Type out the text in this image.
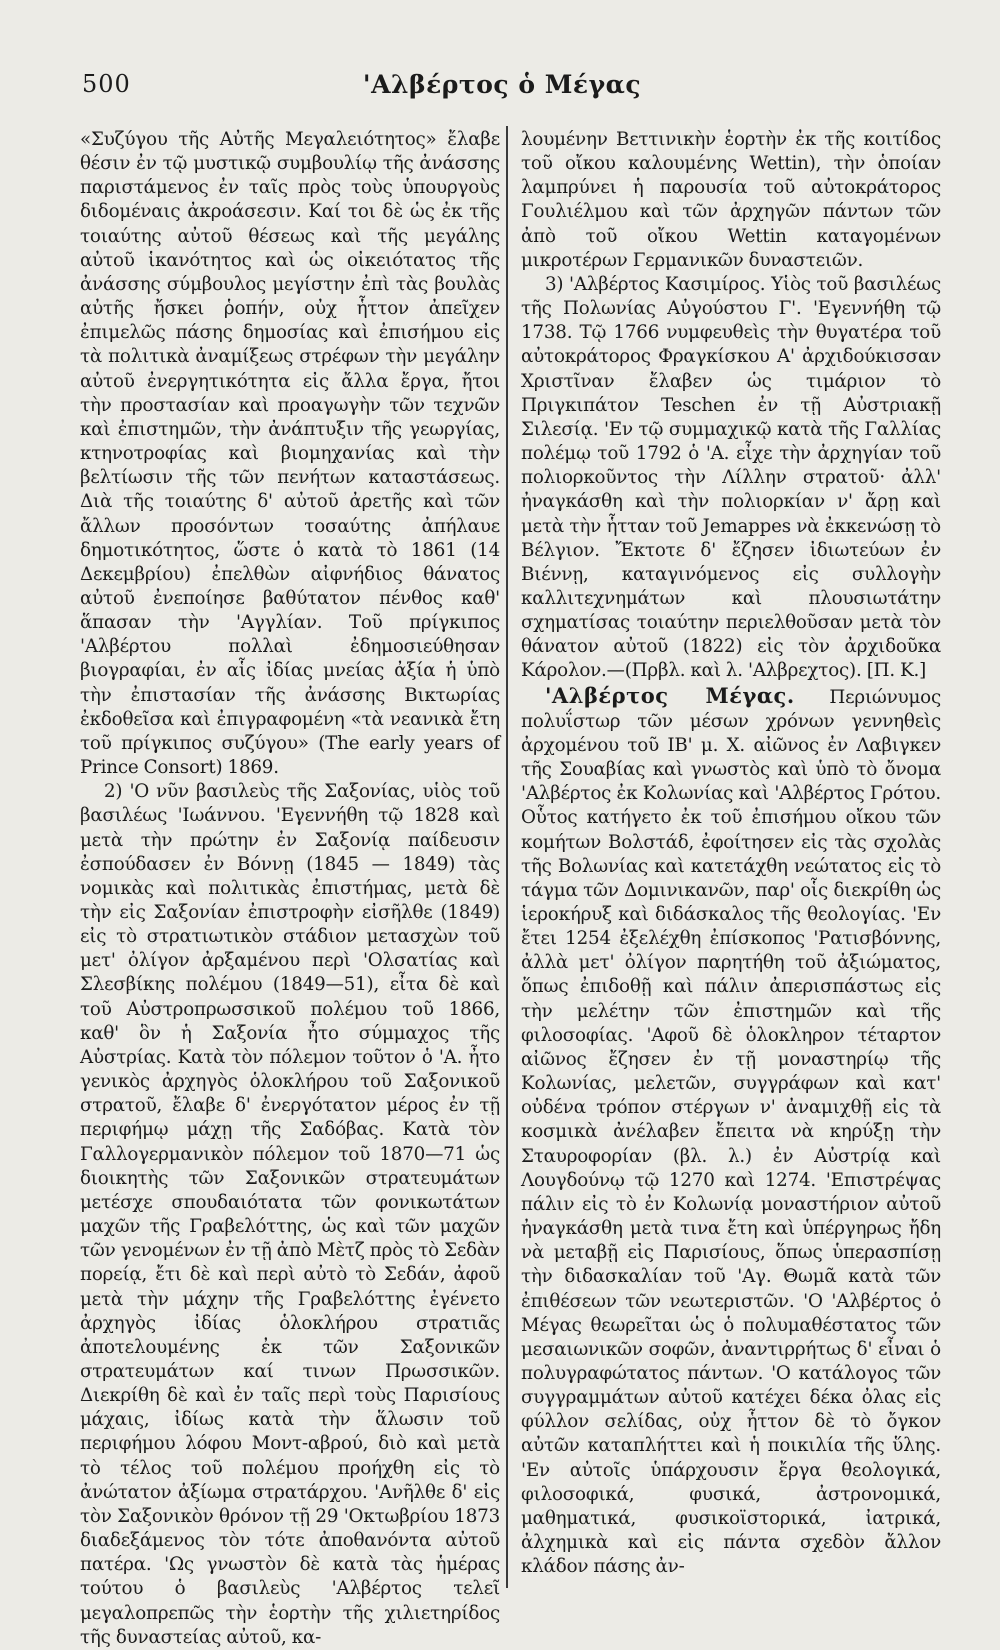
500	'Αλβέρτος ὁ Μέγας

«Συζύγου τῆς Αὐτῆς Μεγαλειότητος» ἔλαβε θέσιν ἐν τῷ μυστικῷ συμβουλίῳ τῆς ἀνάσσης παριστάμενος ἐν ταῖς πρὸς τοὺς ὑπουργοὺς διδομέναις ἀκροάσεσιν. Καί τοι δὲ ὡς ἐκ τῆς τοιαύτης αὐτοῦ θέσεως καὶ τῆς μεγάλης αὐτοῦ ἱκανότητος καὶ ὡς οἰκειότατος τῆς ἀνάσσης σύμβουλος μεγίστην ἐπὶ τὰς βουλὰς αὐτῆς ἤσκει ῥοπήν, οὐχ ἧττον ἀπεῖχεν ἐπιμελῶς πάσης δημοσίας καὶ ἐπισήμου εἰς τὰ πολιτικὰ ἀναμίξεως στρέφων τὴν μεγάλην αὐτοῦ ἐνεργητικότητα εἰς ἄλλα ἔργα, ἤτοι τὴν προστασίαν καὶ προαγωγὴν τῶν τεχνῶν καὶ ἐπιστημῶν, τὴν ἀνάπτυξιν τῆς γεωργίας, κτηνοτροφίας καὶ βιομηχανίας καὶ τὴν βελτίωσιν τῆς τῶν πενήτων καταστάσεως. Διὰ τῆς τοιαύτης δ' αὐτοῦ ἀρετῆς καὶ τῶν ἄλλων προσόντων τοσαύτης ἀπήλαυε δημοτικότητος, ὥστε ὁ κατὰ τὸ 1861 (14 Δεκεμβρίου) ἐπελθὼν αἰφνήδιος θάνατος αὐτοῦ ἐνεποίησε βαθύτατον πένθος καθ' ἅπασαν τὴν 'Αγγλίαν. Τοῦ πρίγκιπος 'Αλβέρτου πολλαὶ ἐδημοσιεύθησαν βιογραφίαι, ἐν αἷς ἰδίας μνείας ἀξία ἡ ὑπὸ τὴν ἐπιστασίαν τῆς ἀνάσσης Βικτωρίας ἐκδοθεῖσα καὶ ἐπιγραφομένη «τὰ νεανικὰ ἔτη τοῦ πρίγκιπος συζύγου» (The early years of Prince Consort) 1869.

2) 'Ο νῦν βασιλεὺς τῆς Σαξονίας, υἱὸς τοῦ βασιλέως 'Ιωάννου. 'Εγεννήθη τῷ 1828 καὶ μετὰ τὴν πρώτην ἐν Σαξονίᾳ παίδευσιν ἐσπούδασεν ἐν Βόννῃ (1845 — 1849) τὰς νομικὰς καὶ πολιτικὰς ἐπιστήμας, μετὰ δὲ τὴν εἰς Σαξονίαν ἐπιστροφὴν εἰσῆλθε (1849) εἰς τὸ στρατιωτικὸν στάδιον μετασχὼν τοῦ μετ' ὀλίγον ἀρξαμένου περὶ 'Ολσατίας καὶ Σλεσβίκης πολέμου (1849—51), εἶτα δὲ καὶ τοῦ Αὐστροπρωσσικοῦ πολέμου τοῦ 1866, καθ' ὃν ἡ Σαξονία ἦτο σύμμαχος τῆς Αὐστρίας. Κατὰ τὸν πόλεμον τοῦτον ὁ 'Α. ἦτο γενικὸς ἀρχηγὸς ὁλοκλήρου τοῦ Σαξονικοῦ στρατοῦ, ἔλαβε δ' ἐνεργότατον μέρος ἐν τῇ περιφήμῳ μάχῃ τῆς Σαδόβας. Κατὰ τὸν Γαλλογερμανικὸν πόλεμον τοῦ 1870—71 ὡς διοικητὴς τῶν Σαξονικῶν στρατευμάτων μετέσχε σπουδαιότατα τῶν φονικωτάτων μαχῶν τῆς Γραβελόττης, ὡς καὶ τῶν μαχῶν τῶν γενομένων ἐν τῇ ἀπὸ Μὲτζ πρὸς τὸ Σεδὰν πορείᾳ, ἔτι δὲ καὶ περὶ αὐτὸ τὸ Σεδάν, ἀφοῦ μετὰ τὴν μάχην τῆς Γραβελόττης ἐγένετο ἀρχηγὸς ἰδίας ὁλοκλήρου στρατιᾶς ἀποτελουμένης ἐκ τῶν Σαξονικῶν στρατευμάτων καί τινων Πρωσσικῶν. Διεκρίθη δὲ καὶ ἐν ταῖς περὶ τοὺς Παρισίους μάχαις, ἰδίως κατὰ τὴν ἅλωσιν τοῦ περιφήμου λόφου Μοντ-αβρού, διὸ καὶ μετὰ τὸ τέλος τοῦ πολέμου προήχθη εἰς τὸ ἀνώτατον ἀξίωμα στρατάρχου. 'Ανῆλθε δ' εἰς τὸν Σαξονικὸν θρόνον τῇ 29 'Οκτωβρίου 1873 διαδεξάμενος τὸν τότε ἀποθανόντα αὐτοῦ πατέρα. 'Ως γνωστὸν δὲ κατὰ τὰς ἡμέρας τούτου ὁ βασιλεὺς 'Αλβέρτος τελεῖ μεγαλοπρεπῶς τὴν ἑορτὴν τῆς χιλιετηρίδος τῆς δυναστείας αὐτοῦ, κα-

λουμένην Βεττινικὴν ἑορτὴν ἐκ τῆς κοιτίδος τοῦ οἴκου καλουμένης Wettin), τὴν ὁποίαν λαμπρύνει ἡ παρουσία τοῦ αὐτοκράτορος Γουλιέλμου καὶ τῶν ἀρχηγῶν πάντων τῶν ἀπὸ τοῦ οἴκου Wettin καταγομένων μικροτέρων Γερμανικῶν δυναστειῶν.

3) 'Αλβέρτος Κασιμίρος. Υἱὸς τοῦ βασιλέως τῆς Πολωνίας Αὐγούστου Γ'. 'Εγεννήθη τῷ 1738. Τῷ 1766 νυμφευθεὶς τὴν θυγατέρα τοῦ αὐτοκράτορος Φραγκίσκου Α' ἀρχιδούκισσαν Χριστῖναν ἔλαβεν ὡς τιμάριον τὸ Πριγκιπάτον Teschen ἐν τῇ Αὐστριακῇ Σιλεσίᾳ. 'Εν τῷ συμμαχικῷ κατὰ τῆς Γαλλίας πολέμῳ τοῦ 1792 ὁ 'Α. εἶχε τὴν ἀρχηγίαν τοῦ πολιορκοῦντος τὴν Λίλλην στρατοῦ· ἀλλ' ἠναγκάσθη καὶ τὴν πολιορκίαν ν' ἄρῃ καὶ μετὰ τὴν ἧτταν τοῦ Jemappes νὰ ἐκκενώσῃ τὸ Βέλγιον. Ἔκτοτε δ' ἔζησεν ἰδιωτεύων ἐν Βιέννῃ, καταγινόμενος εἰς συλλογὴν καλλιτεχνημάτων καὶ πλουσιωτάτην σχηματίσας τοιαύτην περιελθοῦσαν μετὰ τὸν θάνατον αὐτοῦ (1822) εἰς τὸν ἀρχιδοῦκα Κάρολον.—(Πρβλ. καὶ λ. 'Αλβρεχτος). [Π. Κ.]

'Αλβέρτος Μέγας. Περιώνυμος πολυΐστωρ τῶν μέσων χρόνων γεννηθεὶς ἀρχομένου τοῦ ΙΒ' μ. Χ. αἰῶνος ἐν Λαβιγκεν τῆς Σουαβίας καὶ γνωστὸς καὶ ὑπὸ τὸ ὄνομα 'Αλβέρτος ἐκ Κολωνίας καὶ 'Αλβέρτος Γρότου. Οὗτος κατήγετο ἐκ τοῦ ἐπισήμου οἴκου τῶν κομήτων Βολστάδ, ἐφοίτησεν εἰς τὰς σχολὰς τῆς Βολωνίας καὶ κατετάχθη νεώτατος εἰς τὸ τάγμα τῶν Δομινικανῶν, παρ' οἷς διεκρίθη ὡς ἱεροκήρυξ καὶ διδάσκαλος τῆς θεολογίας. 'Εν ἔτει 1254 ἐξελέχθη ἐπίσκοπος 'Ρατισβόννης, ἀλλὰ μετ' ὀλίγον παρητήθη τοῦ ἀξιώματος, ὅπως ἐπιδοθῇ καὶ πάλιν ἀπερισπάστως εἰς τὴν μελέτην τῶν ἐπιστημῶν καὶ τῆς φιλοσοφίας. 'Αφοῦ δὲ ὁλοκληρον τέταρτον αἰῶνος ἔζησεν ἐν τῇ μοναστηρίῳ τῆς Κολωνίας, μελετῶν, συγγράφων καὶ κατ' οὐδένα τρόπον στέργων ν' ἀναμιχθῇ εἰς τὰ κοσμικὰ ἀνέλαβεν ἔπειτα νὰ κηρύξῃ τὴν Σταυροφορίαν (βλ. λ.) ἐν Αὐστρίᾳ καὶ Λουγδούνῳ τῷ 1270 καὶ 1274. 'Επιστρέψας πάλιν εἰς τὸ ἐν Κολωνίᾳ μοναστήριον αὐτοῦ ἠναγκάσθη μετὰ τινα ἔτη καὶ ὑπέργηρως ἤδη νὰ μεταβῇ εἰς Παρισίους, ὅπως ὑπερασπίσῃ τὴν διδασκαλίαν τοῦ 'Αγ. Θωμᾶ κατὰ τῶν ἐπιθέσεων τῶν νεωτεριστῶν. 'Ο 'Αλβέρτος ὁ Μέγας θεωρεῖται ὡς ὁ πολυμαθέστατος τῶν μεσαιωνικῶν σοφῶν, ἀναντιρρήτως δ' εἶναι ὁ πολυγραφώτατος πάντων. 'Ο κατάλογος τῶν συγγραμμάτων αὐτοῦ κατέχει δέκα ὀλας εἰς φύλλον σελίδας, οὐχ ἧττον δὲ τὸ ὄγκον αὐτῶν καταπλήττει καὶ ἡ ποικιλία τῆς ὕλης. 'Εν αὐτοῖς ὑπάρχουσιν ἔργα θεολογικά, φιλοσοφικά, φυσικά, ἀστρονομικά, μαθηματικά, φυσικοϊστορικά, ἰατρικά, ἀλχημικὰ καὶ εἰς πάντα σχεδὸν ἄλλον κλάδον πάσης ἀν-
